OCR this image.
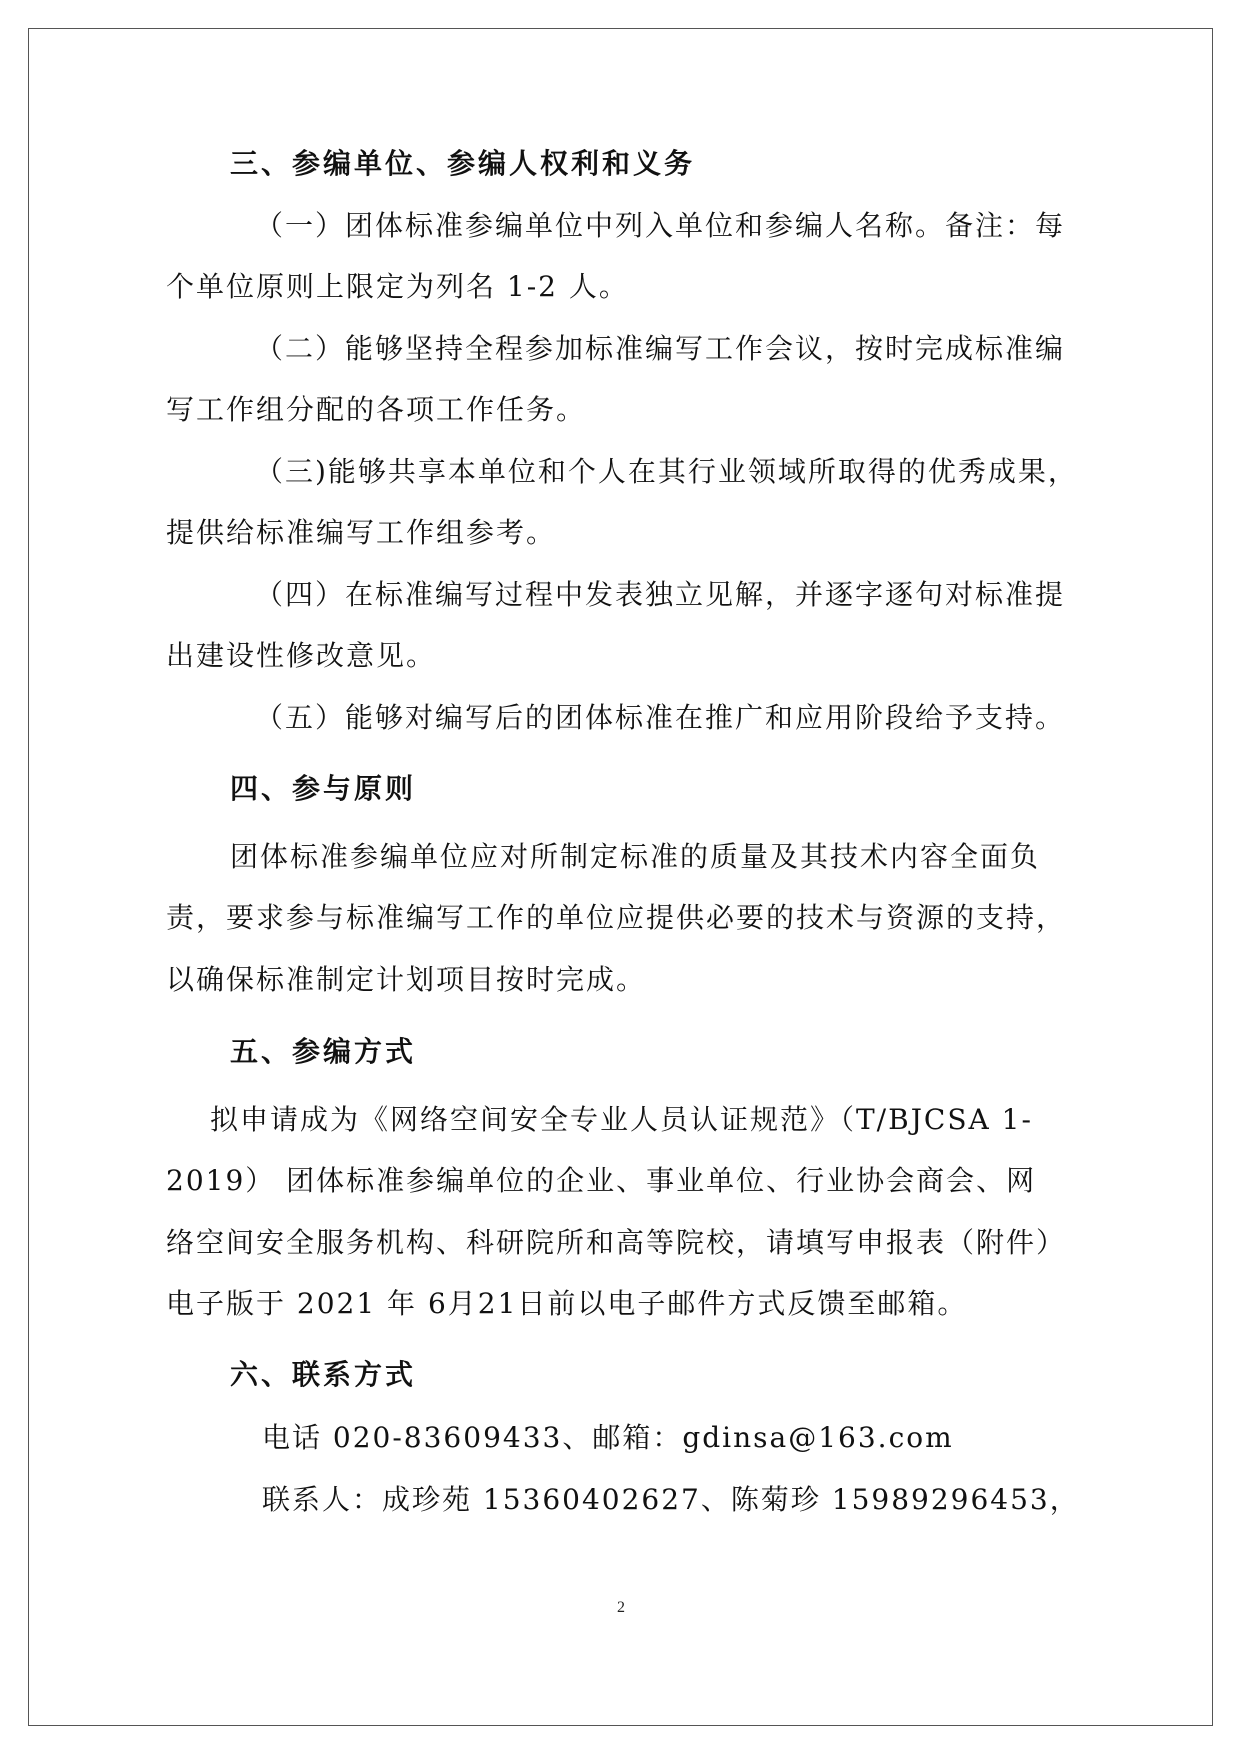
三、参编单位、参编人权利和义务
（一）团体标准参编单位中列入单位和参编人名称。备注：每
个单位原则上限定为列名 1-2 人。
（二）能够坚持全程参加标准编写工作会议，按时完成标准编
写工作组分配的各项工作任务。
（三)能够共享本单位和个人在其行业领域所取得的优秀成果，
提供给标准编写工作组参考。
（四）在标准编写过程中发表独立见解，并逐字逐句对标准提
出建设性修改意见。
（五）能够对编写后的团体标准在推广和应用阶段给予支持。
四、参与原则
团体标准参编单位应对所制定标准的质量及其技术内容全面负
责，要求参与标准编写工作的单位应提供必要的技术与资源的支持，
以确保标准制定计划项目按时完成。
五、参编方式
拟申请成为《网络空间安全专业人员认证规范》（T/BJCSA 1-
2019） 团体标准参编单位的企业、事业单位、行业协会商会、网
络空间安全服务机构、科研院所和高等院校，请填写申报表（附件）
电子版于 2021 年 6月21日前以电子邮件方式反馈至邮箱。
六、联系方式
电话 020-83609433、邮箱：gdinsa@163.com
联系人：成珍苑 15360402627、陈菊珍 15989296453，
2
